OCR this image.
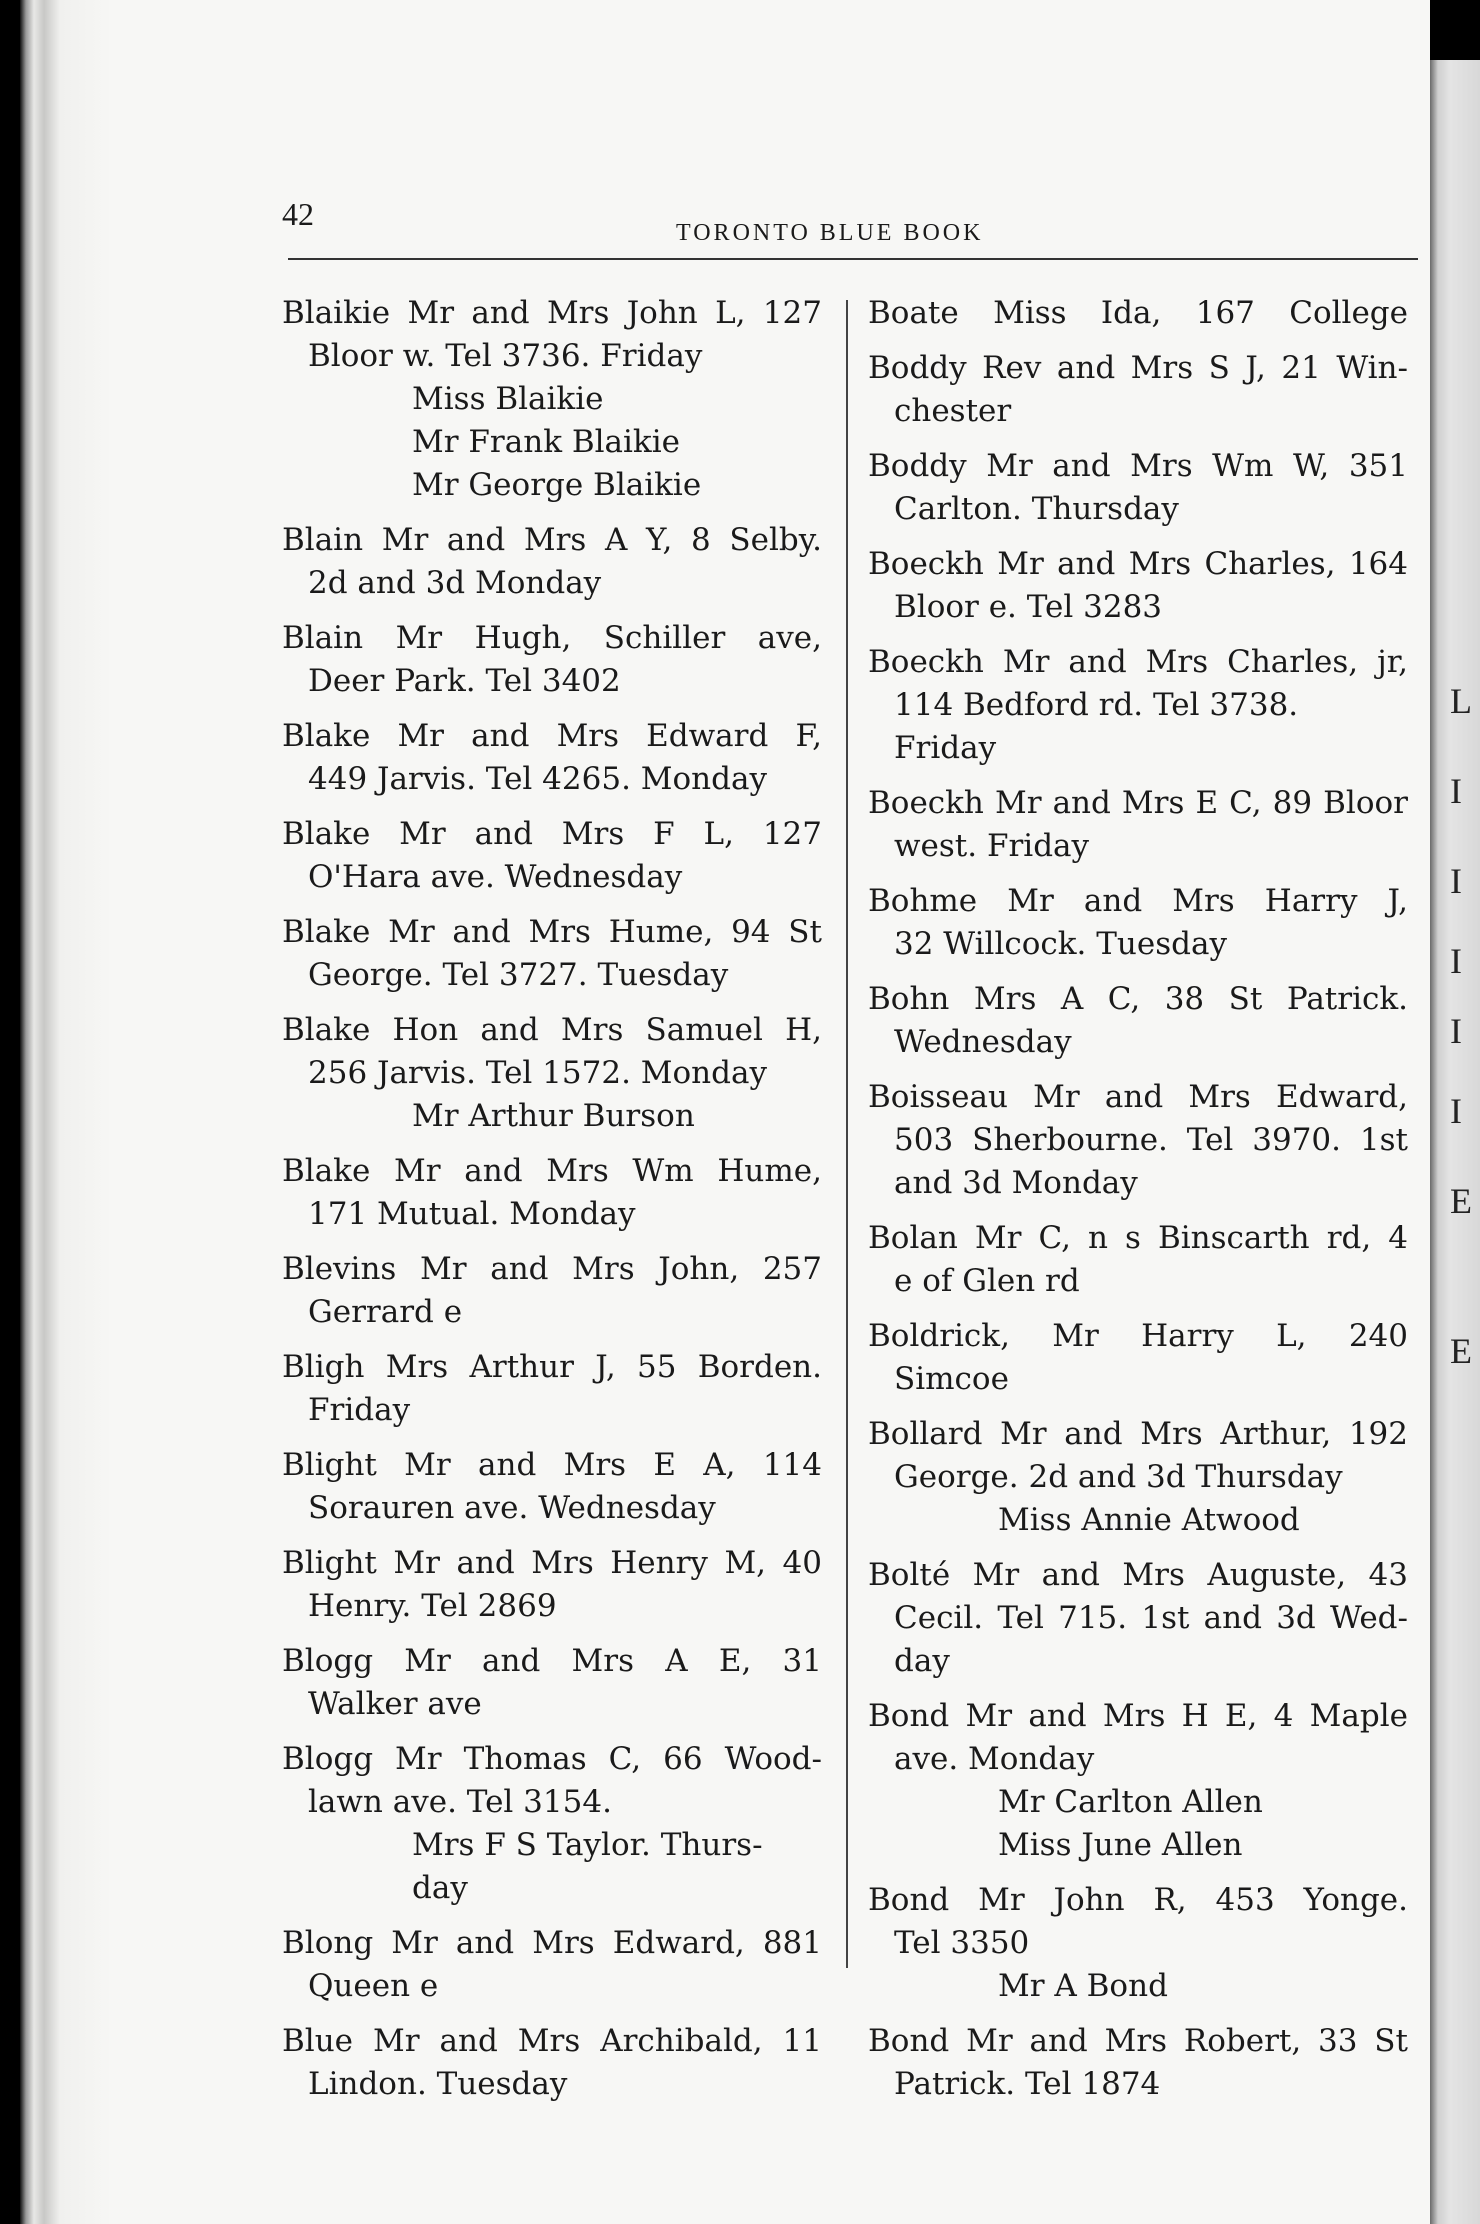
42
TORONTO BLUE BOOK
Blaikie Mr and Mrs John L, 127
Bloor w. Tel 3736. Friday
Miss Blaikie
Mr Frank Blaikie
Mr George Blaikie
Blain Mr and Mrs A Y, 8 Selby.
2d and 3d Monday
Blain Mr Hugh, Schiller ave,
Deer Park. Tel 3402
Blake Mr and Mrs Edward F,
449 Jarvis. Tel 4265. Monday
Blake Mr and Mrs F L, 127
O'Hara ave. Wednesday
Blake Mr and Mrs Hume, 94 St
George. Tel 3727. Tuesday
Blake Hon and Mrs Samuel H,
256 Jarvis. Tel 1572. Monday
Mr Arthur Burson
Blake Mr and Mrs Wm Hume,
171 Mutual. Monday
Blevins Mr and Mrs John, 257
Gerrard e
Bligh Mrs Arthur J, 55 Borden.
Friday
Blight Mr and Mrs E A, 114
Sorauren ave. Wednesday
Blight Mr and Mrs Henry M, 40
Henry. Tel 2869
Blogg Mr and Mrs A E, 31
Walker ave
Blogg Mr Thomas C, 66 Wood-
lawn ave. Tel 3154.
Mrs F S Taylor. Thurs-
day
Blong Mr and Mrs Edward, 881
Queen e
Blue Mr and Mrs Archibald, 11
Lindon. Tuesday
Boate Miss Ida, 167 College
Boddy Rev and Mrs S J, 21 Win-
chester
Boddy Mr and Mrs Wm W, 351
Carlton. Thursday
Boeckh Mr and Mrs Charles, 164
Bloor e. Tel 3283
Boeckh Mr and Mrs Charles, jr,
114 Bedford rd. Tel 3738. Friday
Boeckh Mr and Mrs E C, 89 Bloor
west. Friday
Bohme Mr and Mrs Harry J,
32 Willcock. Tuesday
Bohn Mrs A C, 38 St Patrick.
Wednesday
Boisseau Mr and Mrs Edward,
503 Sherbourne. Tel 3970. 1st
and 3d Monday
Bolan Mr C, n s Binscarth rd, 4
e of Glen rd
Boldrick, Mr Harry L, 240
Simcoe
Bollard Mr and Mrs Arthur, 192
George. 2d and 3d Thursday
Miss Annie Atwood
Bolté Mr and Mrs Auguste, 43
Cecil. Tel 715. 1st and 3d Wed-
day
Bond Mr and Mrs H E, 4 Maple
ave. Monday
Mr Carlton Allen
Miss June Allen
Bond Mr John R, 453 Yonge.
Tel 3350
Mr A Bond
Bond Mr and Mrs Robert, 33 St
Patrick. Tel 1874
L
I
I
I
I
I
E
E
